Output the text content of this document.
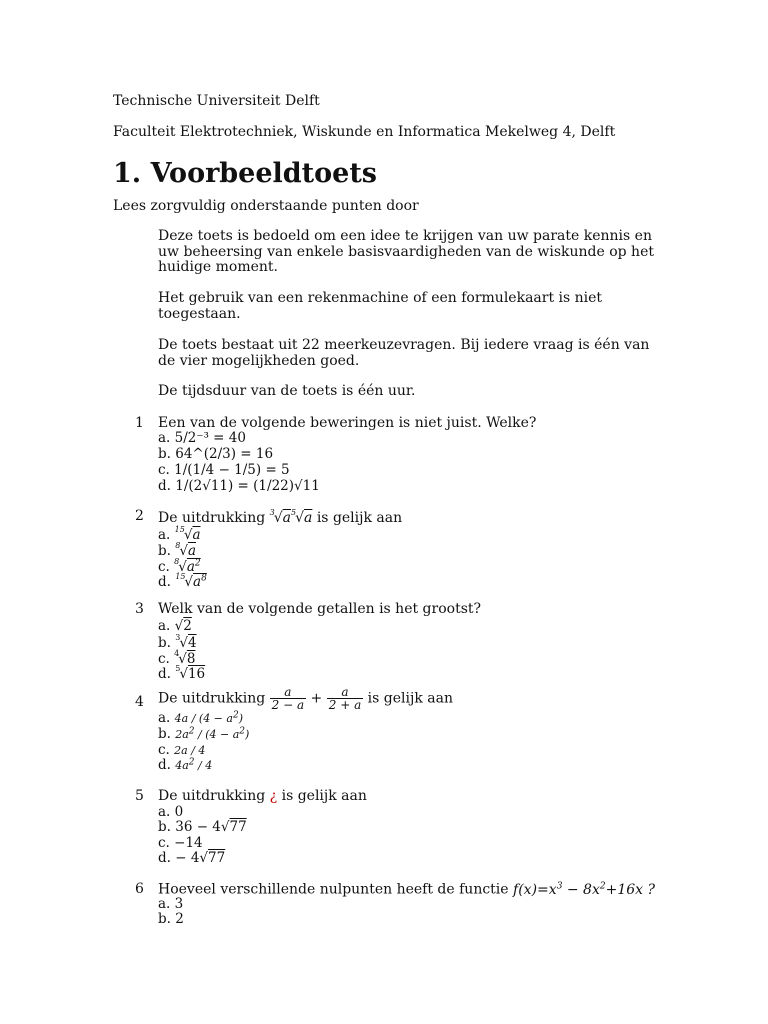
Technische Universiteit Delft
Faculteit Elektrotechniek, Wiskunde en Informatica Mekelweg 4, Delft
1. Voorbeeldtoets
Lees zorgvuldig onderstaande punten door
Deze toets is bedoeld om een idee te krijgen van uw parate kennis en uw beheersing van enkele basisvaardigheden van de wiskunde op het huidige moment.
Het gebruik van een rekenmachine of een formulekaart is niet toegestaan.
De toets bestaat uit 22 meerkeuzevragen. Bij iedere vraag is één van de vier mogelijkheden goed.
De tijdsduur van de toets is één uur.
1 Een van de volgende beweringen is niet juist. Welke?
a. 5/2⁻³ = 40
b. 64^(2/3) = 16
c. 1/(1/4 − 1/5) = 5
d. 1/(2√11) = (1/22)√11
2 De uitdrukking $^3√a^5√a$ is gelijk aan
a. $^{15}$√a
b. $^8$√a
c. $^8√a^2$
d. $^{15}√a^8$
3 Welk van de volgende getallen is het grootst?
a. √2
b. $^3$√4
c. $^4$√8
d. $^5$√16
4 De uitdrukking $\frac{a}{2 - a} + \frac{a}{2 + a}$ is gelijk aan
a. $4a / (4 - a^2)$
b. $2a^2 / (4 - a^2)$
c. 2a / 4
d. $4a^2 / 4$
5 De uitdrukking ¿ is gelijk aan
a. 0
b. 36 − 4√77
c. −14
d. − 4√77
6 Hoeveel verschillende nulpunten heeft de functie $f(x)=x^3 - 8x^2+16x$ ?
a. 3
b. 2
